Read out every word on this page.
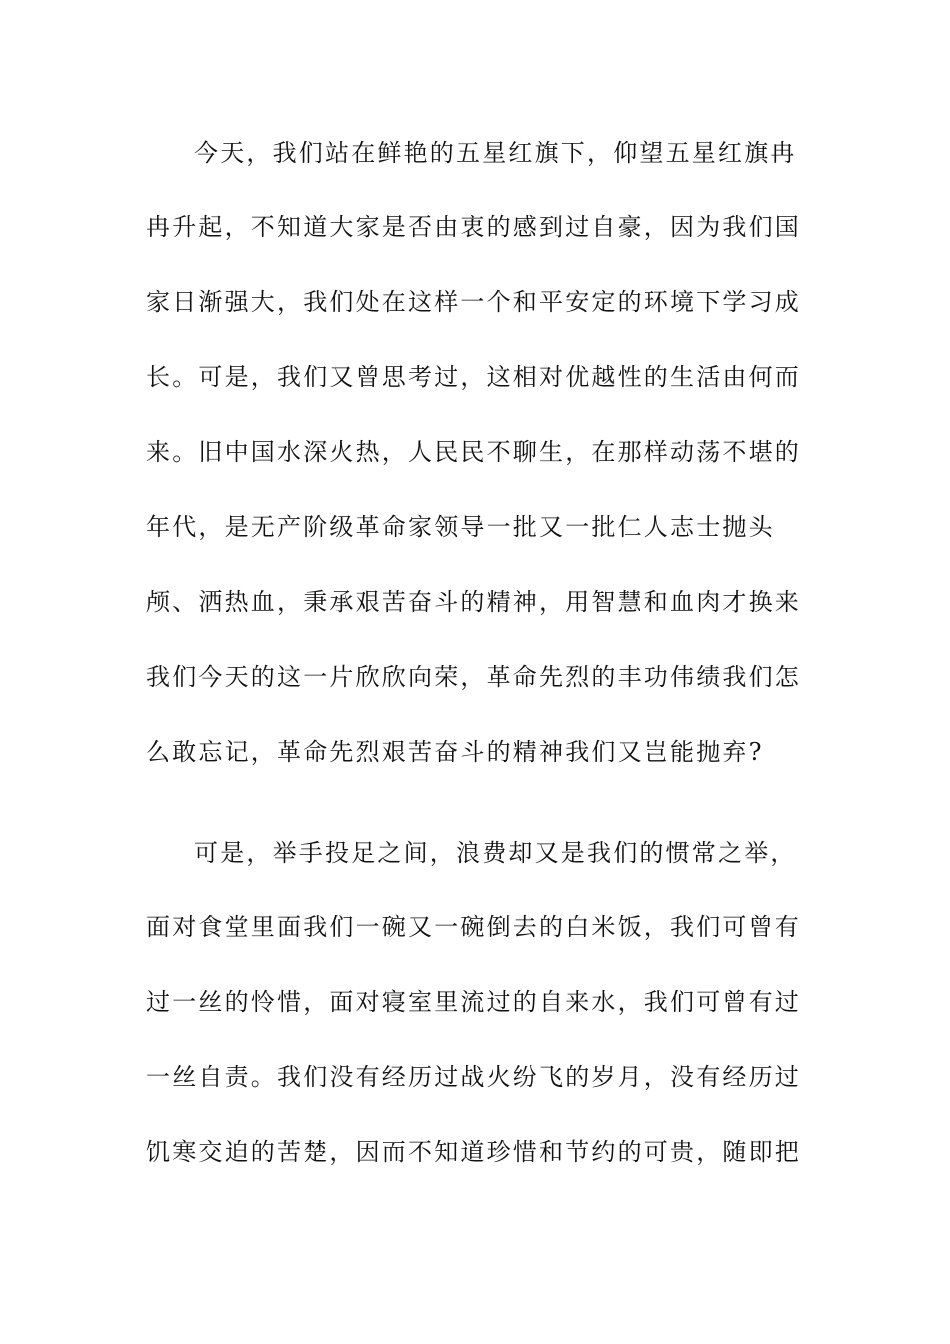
今天，我们站在鲜艳的五星红旗下，仰望五星红旗冉
冉升起，不知道大家是否由衷的感到过自豪，因为我们国
家日渐强大，我们处在这样一个和平安定的环境下学习成
长。可是，我们又曾思考过，这相对优越性的生活由何而
来。旧中国水深火热，人民民不聊生，在那样动荡不堪的
年代，是无产阶级革命家领导一批又一批仁人志士抛头
颅、洒热血，秉承艰苦奋斗的精神，用智慧和血肉才换来
我们今天的这一片欣欣向荣，革命先烈的丰功伟绩我们怎
么敢忘记，革命先烈艰苦奋斗的精神我们又岂能抛弃?
可是，举手投足之间，浪费却又是我们的惯常之举，
面对食堂里面我们一碗又一碗倒去的白米饭，我们可曾有
过一丝的怜惜，面对寝室里流过的自来水，我们可曾有过
一丝自责。我们没有经历过战火纷飞的岁月，没有经历过
饥寒交迫的苦楚，因而不知道珍惜和节约的可贵，随即把
